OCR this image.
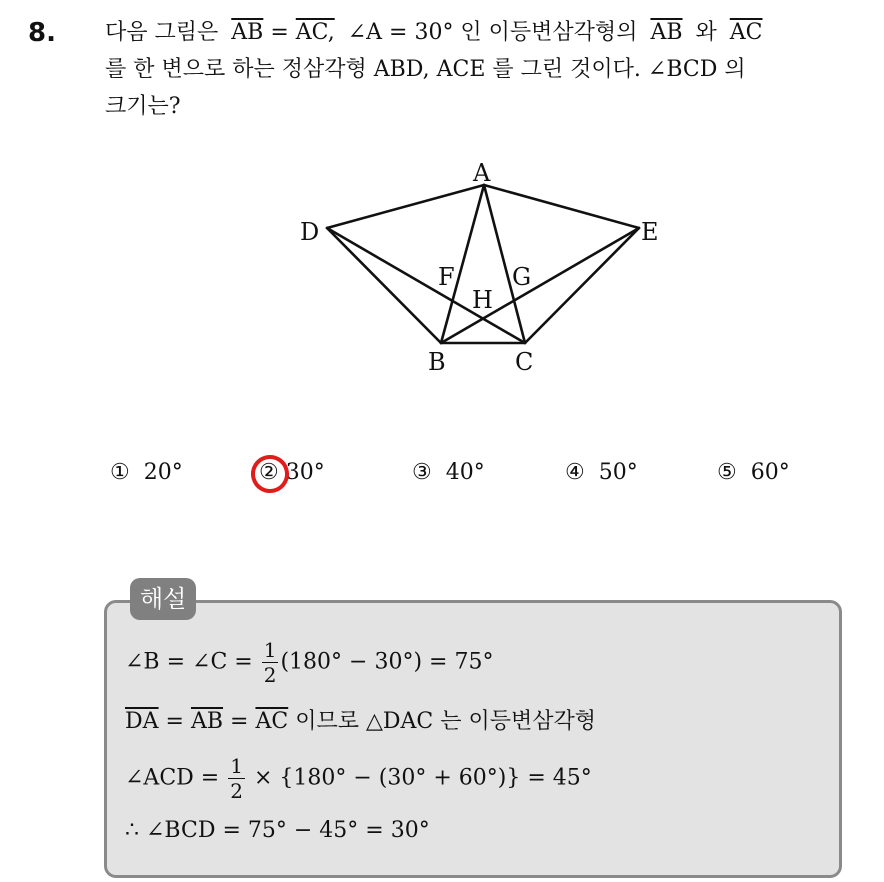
8. 다음 그림은 $\overline{AB}$ = AC, ∠A = 30° 인 이등변삼각형의 $\overline{AB}$ 와 $\overline{AC}$
를 한 변으로 하는 정삼각형 ABD, ACE 를 그린 것이다. ∠BCD 의
크기는?
A
D	E
F G
H
B	C
① 20°	② 30°	③ 40°	④ 50°	⑤ 60°
해설
∠B = ∠C = $\frac{1}{2} (180^\circ - 30^\circ) = 75^\circ$
$\overline{DA} = \overline{AB} = \overline{AC}$ 이므로 △DAC 는 이등변삼각형
∠ACD = $\frac{1}{2} \times \{180^\circ - (30^\circ + 60^\circ)\} = 45^\circ$
∴ ∠BCD = 75° − 45° = 30°
